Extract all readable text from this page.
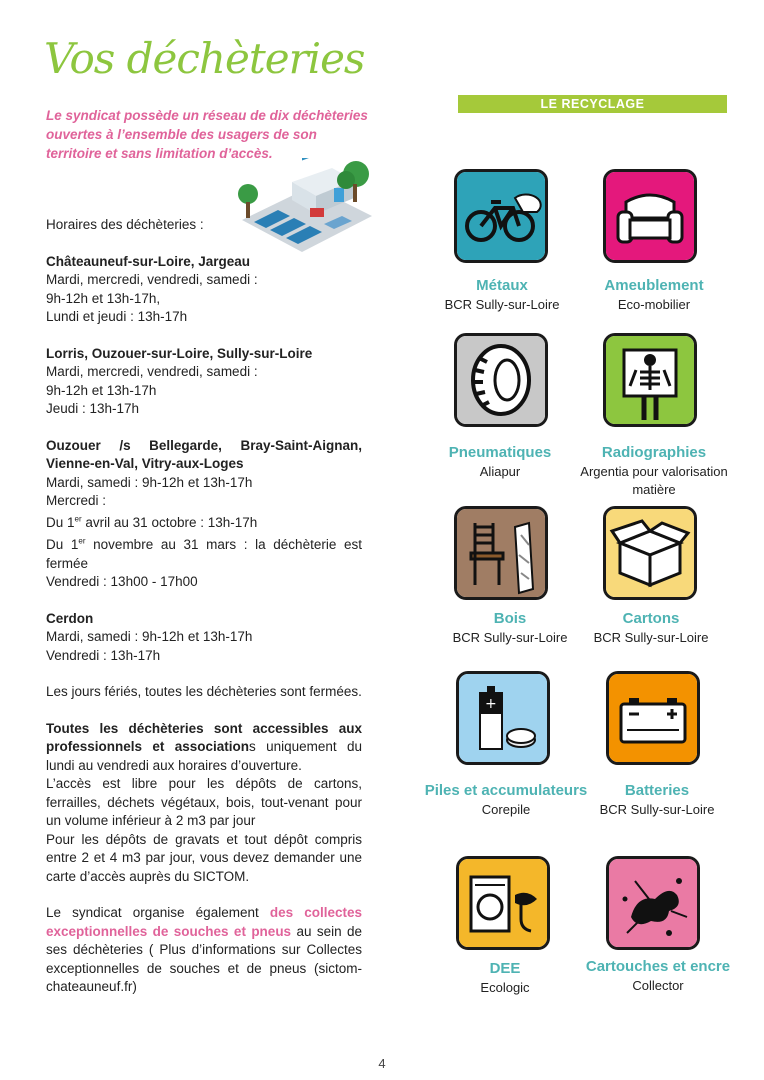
Vos déchèteries
Le syndicat possède un réseau de dix déchèteries ouvertes à l’ensemble des usagers de son territoire et sans limitation d’accès.

Horaires des déchèteries :

Châteauneuf-sur-Loire, Jargeau
Mardi, mercredi, vendredi, samedi :
9h-12h et 13h-17h,
Lundi et jeudi : 13h-17h

Lorris, Ouzouer-sur-Loire, Sully-sur-Loire
Mardi, mercredi, vendredi, samedi :
9h-12h et 13h-17h
Jeudi : 13h-17h

Ouzouer /s Bellegarde, Bray-Saint-Aignan, Vienne-en-Val, Vitry-aux-Loges
Mardi, samedi : 9h-12h et 13h-17h
Mercredi :
Du 1er avril au 31 octobre : 13h-17h
Du 1er novembre au 31 mars : la déchèterie est fermée
Vendredi : 13h00 - 17h00

Cerdon
Mardi, samedi : 9h-12h et 13h-17h
Vendredi : 13h-17h

Les jours fériés, toutes les déchèteries sont fermées.

Toutes les déchèteries sont accessibles aux professionnels et associations uniquement du lundi au vendredi aux horaires d’ouverture.
L’accès est libre pour les dépôts de cartons, ferrailles, déchets végétaux, bois, tout-venant pour un volume inférieur à 2 m3 par jour
Pour les dépôts de gravats et tout dépôt compris entre 2 et 4 m3 par jour, vous devez demander une carte d’accès auprès du SICTOM.

Le syndicat organise également des collectes exceptionnelles de souches et pneus au sein de ses déchèteries ( Plus d’informations sur Collectes exceptionnelles de souches et de pneus (sictom-chateauneuf.fr)

LE RECYCLAGE
Métaux
BCR Sully-sur-Loire
Ameublement
Eco-mobilier
Pneumatiques
Aliapur
Radiographies
Argentia pour valorisation matière
Bois
BCR Sully-sur-Loire
Cartons
BCR Sully-sur-Loire
+
Piles et accumulateurs
Corepile
Batteries
BCR Sully-sur-Loire
DEE
Ecologic
Cartouches et encre
Collector
4
